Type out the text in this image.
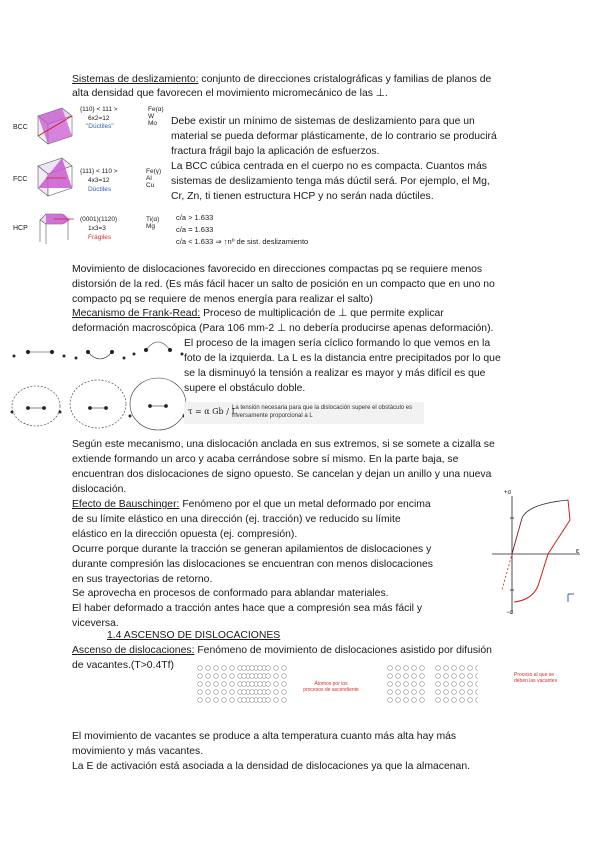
Sistemas de deslizamiento: conjunto de direcciones cristalográficas y familias de planos de
alta densidad que favorecen el movimiento micromecánico de las ⊥.
BCC
{110} < 111 >
6x2=12
"Dúctiles"
Fe(α)
W
Mo
FCC
{111} < 110 >
4x3=12
Dúctiles
Fe(γ)
Al
Cu
HCP
(0001)(1120)
1x3=3
Frágiles
Ti(α)
Mg
c/a > 1.633
c/a = 1.633
c/a < 1.633 ⇒ ↑nº de sist. deslizamiento
Debe existir un mínimo de sistemas de deslizamiento para que un
material se pueda deformar plásticamente, de lo contrario se producirá
fractura frágil bajo la aplicación de esfuerzos.
La BCC cúbica centrada en el cuerpo no es compacta. Cuantos más
sistemas de deslizamiento tenga más dúctil será. Por ejemplo, el Mg,
Cr, Zn, ti tienen estructura HCP y no serán nada dúctiles.
Movimiento de dislocaciones favorecido en direcciones compactas pq se requiere menos
distorsión de la red. (Es más fácil hacer un salto de posición en un compacto que en uno no
compacto pq se requiere de menos energía para realizar el salto)
Mecanismo de Frank-Read: Proceso de multiplicación de ⊥ que permite explicar
deformación macroscópica (Para 106 mm-2 ⊥ no debería producirse apenas deformación).
El proceso de la imagen sería cíclico formando lo que vemos en la
foto de la izquierda. La L es la distancia entre precipitados por lo que
se la disminuyó la tensión a realizar es mayor y más difícil es que
supere el obstáculo doble.
τ = α Gb / L
La tensión necesaria para que la dislocación supere el obstáculo es inversamente proporcional a L
Según este mecanismo, una dislocación anclada en sus extremos, si se somete a cizalla se
extiende formando un arco y acaba cerrándose sobre sí mismo. En la parte baja, se
encuentran dos dislocaciones de signo opuesto. Se cancelan y dejan un anillo y una nueva
dislocación.
Efecto de Bauschinger: Fenómeno por el que un metal deformado por encima
de su límite elástico en una dirección (ej. tracción) ve reducido su límite
elástico en la dirección opuesta (ej. compresión).
Ocurre porque durante la tracción se generan apilamientos de dislocaciones y
durante compresión las dislocaciones se encuentran con menos dislocaciones
en sus trayectorias de retorno.
Se aprovecha en procesos de conformado para ablandar materiales.
El haber deformado a tracción antes hace que a compresión sea más fácil y
viceversa.
+σ
−σ
ε
1.4 ASCENSO DE DISLOCACIONES
Ascenso de dislocaciones: Fenómeno de movimiento de dislocaciones asistido por difusión
de vacantes.(T>0.4Tf)
Átomos por los
procesos de ascendiente
Proceso al que se
deben las vacantes
El movimiento de vacantes se produce a alta temperatura cuanto más alta hay más
movimiento y más vacantes.
La E de activación está asociada a la densidad de dislocaciones ya que la almacenan.
